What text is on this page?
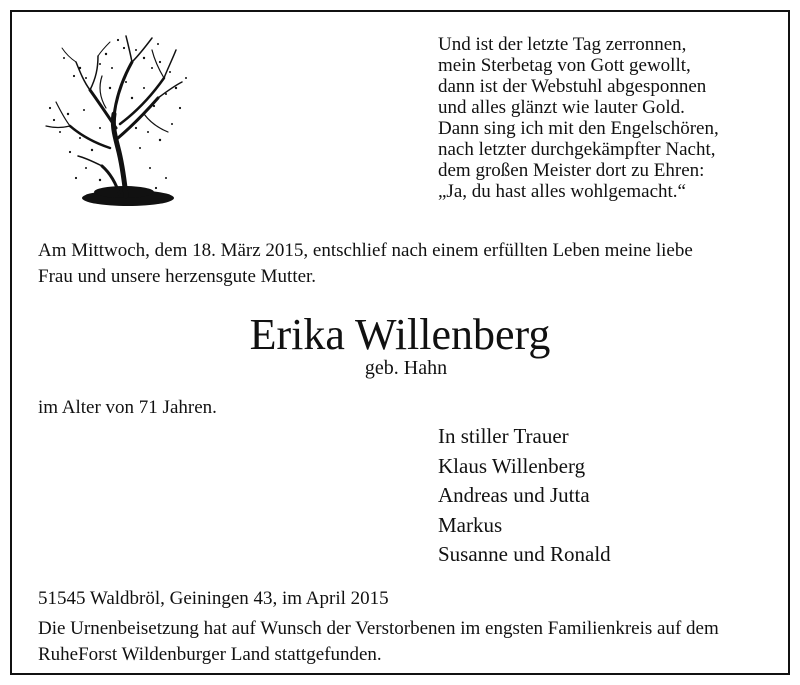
Und ist der letzte Tag zerronnen,
mein Sterbetag von Gott gewollt,
dann ist der Webstuhl abgesponnen
und alles glänzt wie lauter Gold.
Dann sing ich mit den Engelschören,
nach letzter durchgekämpfter Nacht,
dem großen Meister dort zu Ehren:
„Ja, du hast alles wohlgemacht.“
Am Mittwoch, dem 18. März 2015, entschlief nach einem erfüllten Leben meine liebe
Frau und unsere herzensgute Mutter.
Erika Willenberg
geb. Hahn
im Alter von 71 Jahren.
In stiller Trauer
Klaus Willenberg
Andreas und Jutta
Markus
Susanne und Ronald
51545 Waldbröl, Geiningen 43, im April 2015
Die Urnenbeisetzung hat auf Wunsch der Verstorbenen im engsten Familienkreis auf dem
RuheForst Wildenburger Land stattgefunden.
